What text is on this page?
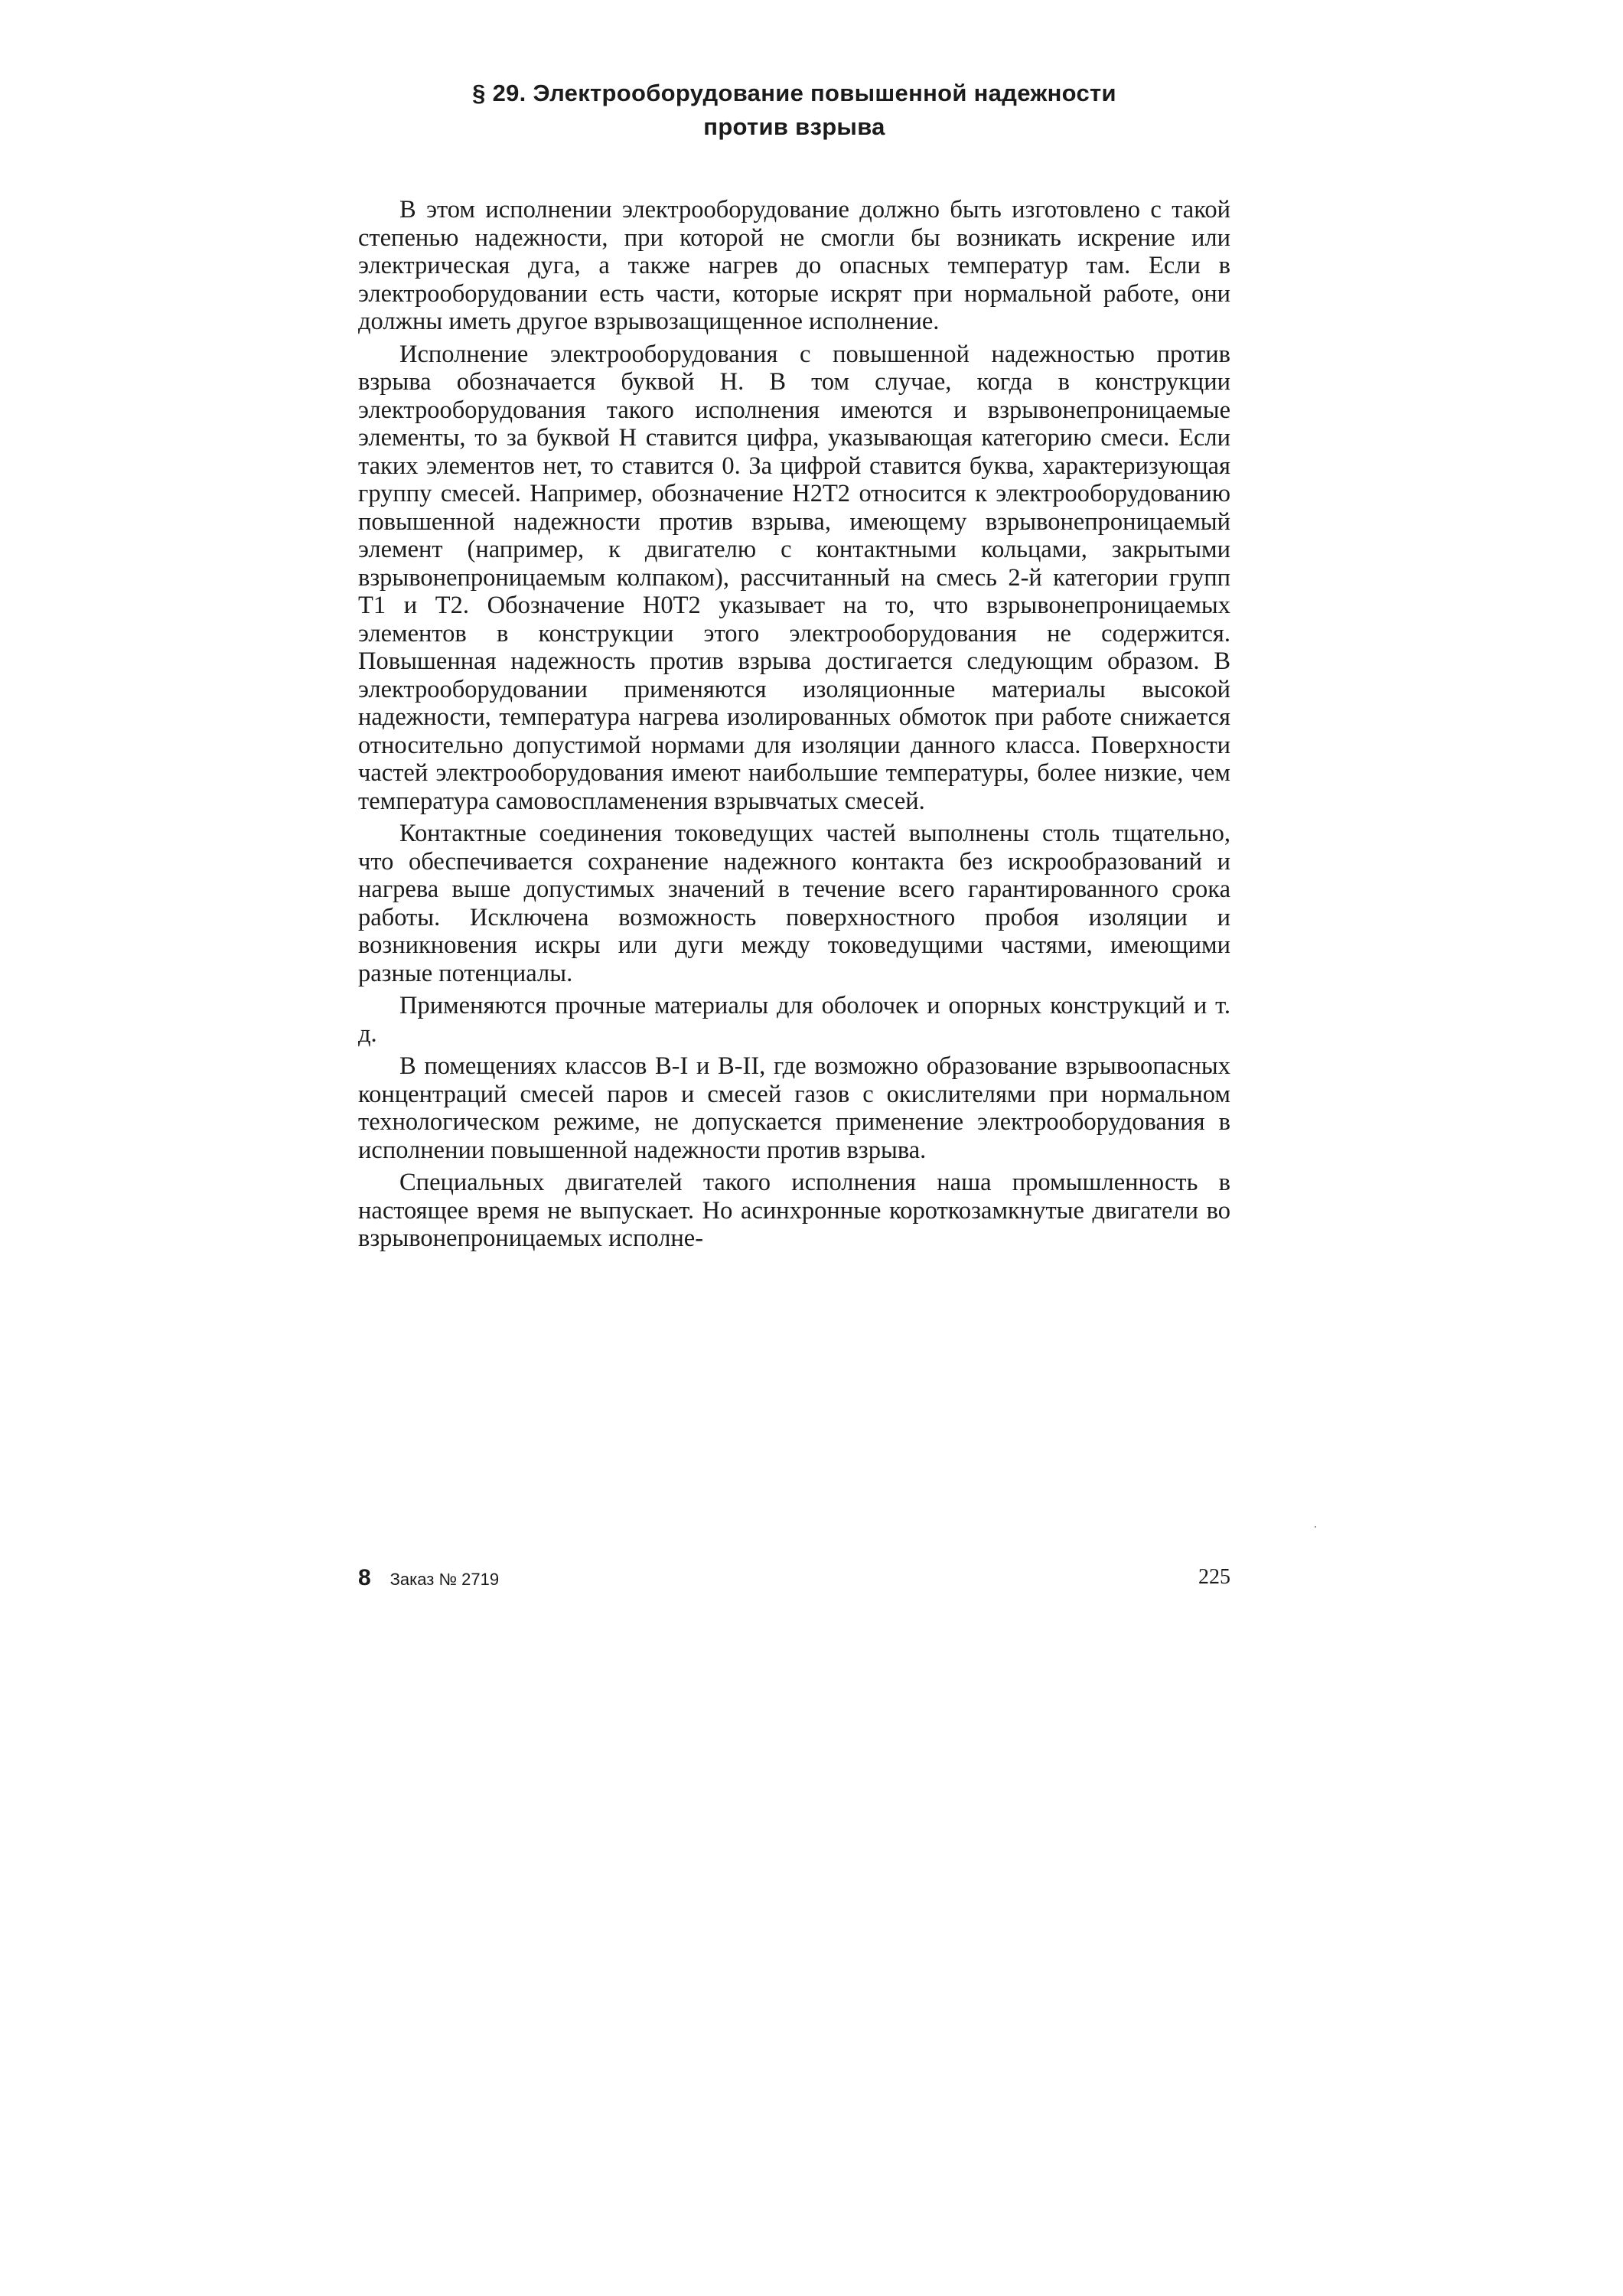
§ 29. Электрооборудование повышенной надежности
против взрыва

В этом исполнении электрооборудование должно быть изготовлено с такой степенью надежности, при которой не смогли бы возникать искрение или электрическая дуга, а также нагрев до опасных температур там. Если в электрооборудовании есть части, которые искрят при нормальной работе, они должны иметь другое взрывозащищенное исполнение.

Исполнение электрооборудования с повышенной надежностью против взрыва обозначается буквой Н. В том случае, когда в конструкции электрооборудования такого исполнения имеются и взрывонепроницаемые элементы, то за буквой Н ставится цифра, указывающая категорию смеси. Если таких элементов нет, то ставится 0. За цифрой ставится буква, характеризующая группу смесей. Например, обозначение Н2Т2 относится к электрооборудованию повышенной надежности против взрыва, имеющему взрывонепроницаемый элемент (например, к двигателю с контактными кольцами, закрытыми взрывонепроницаемым колпаком), рассчитанный на смесь 2-й категории групп Т1 и Т2. Обозначение Н0Т2 указывает на то, что взрывонепроницаемых элементов в конструкции этого электрооборудования не содержится. Повышенная надежность против взрыва достигается следующим образом. В электрооборудовании применяются изоляционные материалы высокой надежности, температура нагрева изолированных обмоток при работе снижается относительно допустимой нормами для изоляции данного класса. Поверхности частей электрооборудования имеют наибольшие температуры, более низкие, чем температура самовоспламенения взрывчатых смесей.

Контактные соединения токоведущих частей выполнены столь тщательно, что обеспечивается сохранение надежного контакта без искрообразований и нагрева выше допустимых значений в течение всего гарантированного срока работы. Исключена возможность поверхностного пробоя изоляции и возникновения искры или дуги между токоведущими частями, имеющими разные потенциалы.

Применяются прочные материалы для оболочек и опорных конструкций и т. д.

В помещениях классов В-I и В-II, где возможно образование взрывоопасных концентраций смесей паров и смесей газов с окислителями при нормальном технологическом режиме, не допускается применение электрооборудования в исполнении повышенной надежности против взрыва.

Специальных двигателей такого исполнения наша промышленность в настоящее время не выпускает. Но асинхронные короткозамкнутые двигатели во взрывонепроницаемых исполне-

8 Заказ № 2719	225
